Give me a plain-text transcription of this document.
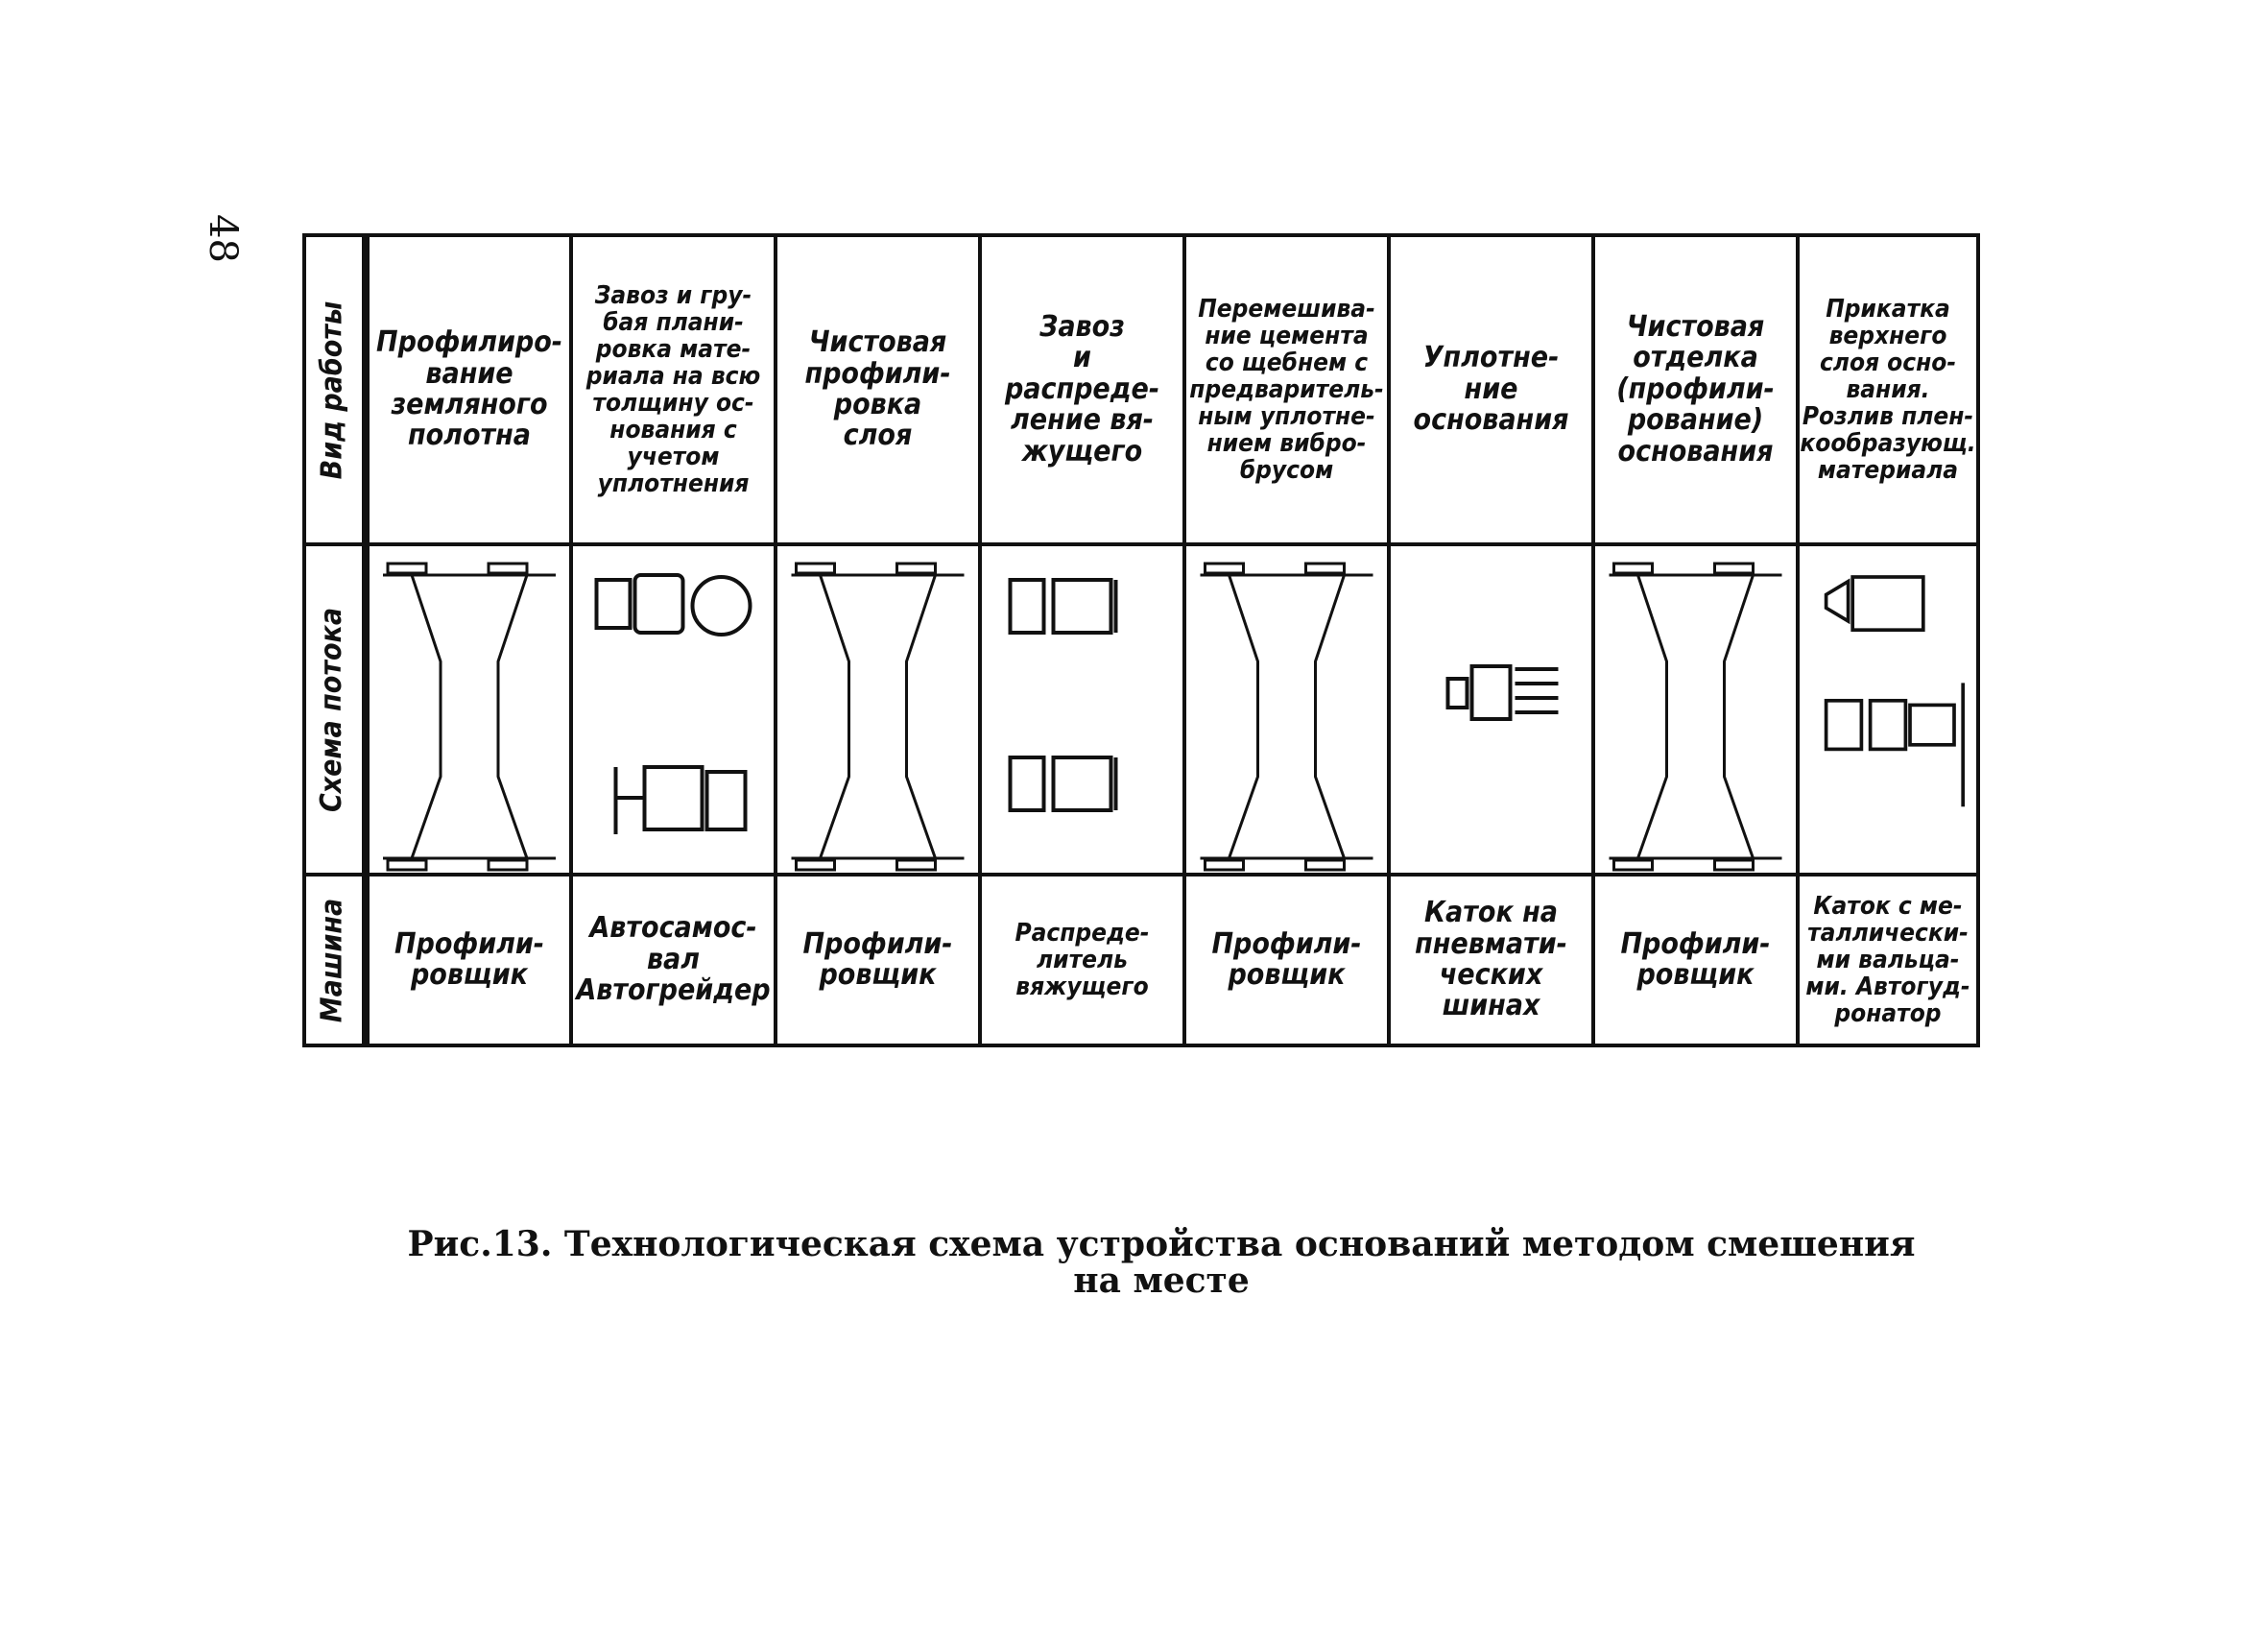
48
Вид работы
Схема потока
Машина
Профилиро-
вание
земляного
полотна
Профили-
ровщик
Завоз и гру-
бая плани-
ровка мате-
риала на всю
толщину ос-
нования с
учетом
уплотнения
Автосамос-
вал
Автогрейдер
Чистовая
профили-
ровка
слоя
Профили-
ровщик
Завоз
и
распреде-
ление вя-
жущего
Распреде-
литель
вяжущего
Перемешива-
ние цемента
со щебнем с
предваритель-
ным уплотне-
нием вибро-
брусом
Профили-
ровщик
Уплотне-
ние
основания
Каток на
пневмати-
ческих
шинах
Чистовая
отделка
(профили-
рование)
основания
Профили-
ровщик
Прикатка
верхнего
слоя осно-
вания.
Розлив плен-
кообразующ.
материала
Каток с ме-
таллически-
ми вальца-
ми. Автогуд-
ронатор
Рис.13. Технологическая схема устройства оснований методом смешения
на месте
